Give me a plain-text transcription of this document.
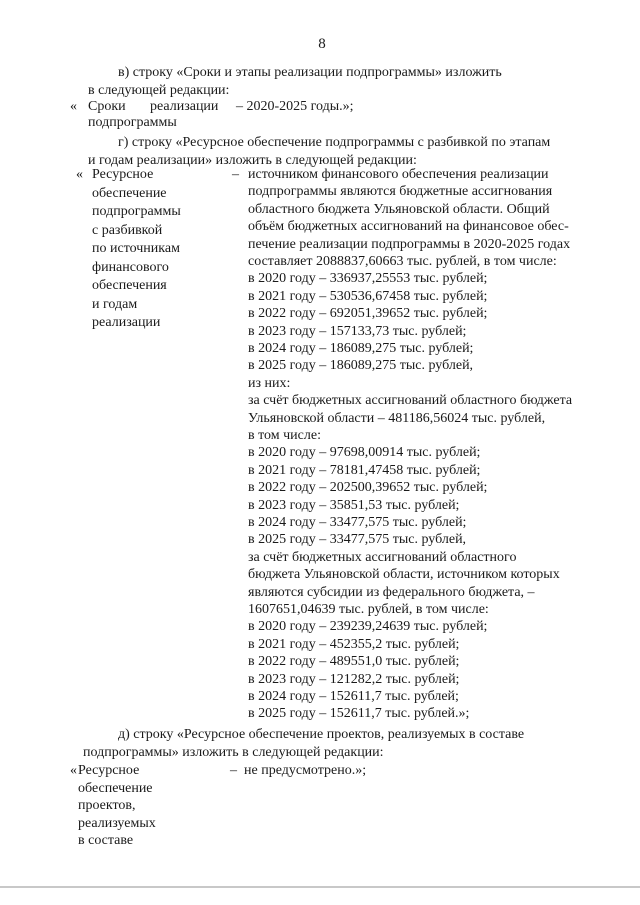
8
в) строку «Сроки и этапы реализации подпрограммы» изложить
в следующей редакции:
« Сроки реализации – 2020-2025 годы.»;
подпрограммы
г) строку «Ресурсное обеспечение подпрограммы с разбивкой по этапам
и годам реализации» изложить в следующей редакции:
« Ресурсное
обеспечение
подпрограммы
с разбивкой
по источникам
финансового
обеспечения
и годам
реализации
– источником финансового обеспечения реализации
подпрограммы являются бюджетные ассигнования
областного бюджета Ульяновской области. Общий
объём бюджетных ассигнований на финансовое обес-
печение реализации подпрограммы в 2020-2025 годах
составляет 2088837,60663 тыс. рублей, в том числе:
в 2020 году – 336937,25553 тыс. рублей;
в 2021 году – 530536,67458 тыс. рублей;
в 2022 году – 692051,39652 тыс. рублей;
в 2023 году – 157133,73 тыс. рублей;
в 2024 году – 186089,275 тыс. рублей;
в 2025 году – 186089,275 тыс. рублей,
из них:
за счёт бюджетных ассигнований областного бюджета
Ульяновской области – 481186,56024 тыс. рублей,
в том числе:
в 2020 году – 97698,00914 тыс. рублей;
в 2021 году – 78181,47458 тыс. рублей;
в 2022 году – 202500,39652 тыс. рублей;
в 2023 году – 35851,53 тыс. рублей;
в 2024 году – 33477,575 тыс. рублей;
в 2025 году – 33477,575 тыс. рублей,
за счёт бюджетных ассигнований областного
бюджета Ульяновской области, источником которых
являются субсидии из федерального бюджета, –
1607651,04639 тыс. рублей, в том числе:
в 2020 году – 239239,24639 тыс. рублей;
в 2021 году – 452355,2 тыс. рублей;
в 2022 году – 489551,0 тыс. рублей;
в 2023 году – 121282,2 тыс. рублей;
в 2024 году – 152611,7 тыс. рублей;
в 2025 году – 152611,7 тыс. рублей.»;
д) строку «Ресурсное обеспечение проектов, реализуемых в составе
подпрограммы» изложить в следующей редакции:
« Ресурсное
обеспечение
проектов,
реализуемых
в составе
– не предусмотрено.»;
